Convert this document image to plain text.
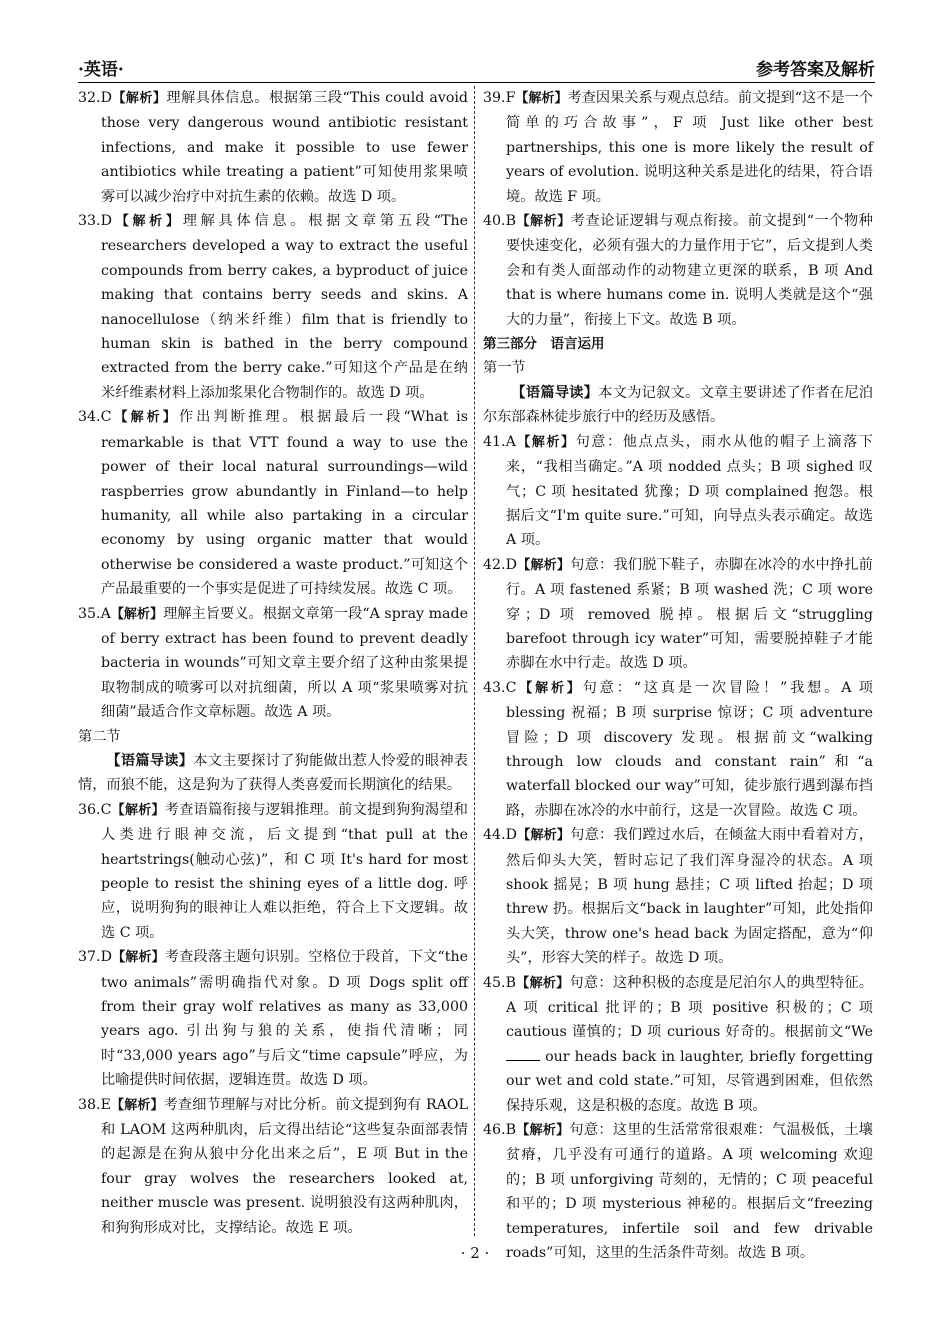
·英语·	参考答案及解析

32.D【解析】理解具体信息。根据第三段“This could avoid those very dangerous wound antibiotic resistant infections, and make it possible to use fewer antibiotics while treating a patient”可知使用浆果喷雾可以减少治疗中对抗生素的依赖。故选 D 项。

33.D【解析】理解具体信息。根据文章第五段“The researchers developed a way to extract the useful compounds from berry cakes, a byproduct of juice making that contains berry seeds and skins. A nanocellulose（纳米纤维）film that is friendly to human skin is bathed in the berry compound extracted from the berry cake.”可知这个产品是在纳米纤维素材料上添加浆果化合物制作的。故选 D 项。

34.C【解析】作出判断推理。根据最后一段“What is remarkable is that VTT found a way to use the power of their local natural surroundings—wild raspberries grow abundantly in Finland—to help humanity, all while also partaking in a circular economy by using organic matter that would otherwise be considered a waste product.”可知这个产品最重要的一个事实是促进了可持续发展。故选 C 项。

35.A【解析】理解主旨要义。根据文章第一段“A spray made of berry extract has been found to prevent deadly bacteria in wounds”可知文章主要介绍了这种由浆果提取物制成的喷雾可以对抗细菌，所以 A 项“浆果喷雾对抗细菌”最适合作文章标题。故选 A 项。

第二节

【语篇导读】本文主要探讨了狗能做出惹人怜爱的眼神表情，而狼不能，这是狗为了获得人类喜爱而长期演化的结果。

36.C【解析】考查语篇衔接与逻辑推理。前文提到狗狗渴望和人类进行眼神交流，后文提到“that pull at the heartstrings(触动心弦)”，和 C 项 It's hard for most people to resist the shining eyes of a little dog. 呼应，说明狗狗的眼神让人难以拒绝，符合上下文逻辑。故选 C 项。

37.D【解析】考查段落主题句识别。空格位于段首，下文“the two animals”需明确指代对象。D 项 Dogs split off from their gray wolf relatives as many as 33,000 years ago. 引出狗与狼的关系，使指代清晰；同时“33,000 years ago”与后文“time capsule”呼应，为比喻提供时间依据，逻辑连贯。故选 D 项。

38.E【解析】考查细节理解与对比分析。前文提到狗有 RAOL 和 LAOM 这两种肌肉，后文得出结论“这些复杂面部表情的起源是在狗从狼中分化出来之后”，E 项 But in the four gray wolves the researchers looked at, neither muscle was present. 说明狼没有这两种肌肉，和狗狗形成对比，支撑结论。故选 E 项。

39.F【解析】考查因果关系与观点总结。前文提到“这不是一个简单的巧合故事”，F 项 Just like other best partnerships, this one is more likely the result of years of evolution. 说明这种关系是进化的结果，符合语境。故选 F 项。

40.B【解析】考查论证逻辑与观点衔接。前文提到“一个物种要快速变化，必须有强大的力量作用于它”，后文提到人类会和有类人面部动作的动物建立更深的联系，B 项 And that is where humans come in. 说明人类就是这个“强大的力量”，衔接上下文。故选 B 项。

第三部分　语言运用

第一节

【语篇导读】本文为记叙文。文章主要讲述了作者在尼泊尔东部森林徒步旅行中的经历及感悟。

41.A【解析】句意：他点点头，雨水从他的帽子上滴落下来，“我相当确定。”A 项 nodded 点头；B 项 sighed 叹气；C 项 hesitated 犹豫；D 项 complained 抱怨。根据后文“I'm quite sure.”可知，向导点头表示确定。故选 A 项。

42.D【解析】句意：我们脱下鞋子，赤脚在冰冷的水中挣扎前行。A 项 fastened 系紧；B 项 washed 洗；C 项 wore 穿；D 项 removed 脱掉。根据后文“struggling barefoot through icy water”可知，需要脱掉鞋子才能赤脚在水中行走。故选 D 项。

43.C【解析】句意：“这真是一次冒险！”我想。A 项 blessing 祝福；B 项 surprise 惊讶；C 项 adventure 冒险；D 项 discovery 发现。根据前文“walking through low clouds and constant rain”和“a waterfall blocked our way”可知，徒步旅行遇到瀑布挡路，赤脚在冰冷的水中前行，这是一次冒险。故选 C 项。

44.D【解析】句意：我们蹚过水后，在倾盆大雨中看着对方，然后仰头大笑，暂时忘记了我们浑身湿冷的状态。A 项 shook 摇晃；B 项 hung 悬挂；C 项 lifted 抬起；D 项 threw 扔。根据后文“back in laughter”可知，此处指仰头大笑，throw one's head back 为固定搭配，意为“仰头”，形容大笑的样子。故选 D 项。

45.B【解析】句意：这种积极的态度是尼泊尔人的典型特征。A 项 critical 批评的；B 项 positive 积极的；C 项 cautious 谨慎的；D 项 curious 好奇的。根据前文“We  our heads back in laughter, briefly forgetting our wet and cold state.”可知，尽管遇到困难，但依然保持乐观，这是积极的态度。故选 B 项。

46.B【解析】句意：这里的生活常常很艰难：气温极低，土壤贫瘠，几乎没有可通行的道路。A 项 welcoming 欢迎的；B 项 unforgiving 苛刻的，无情的；C 项 peaceful 和平的；D 项 mysterious 神秘的。根据后文“freezing temperatures, infertile soil and few drivable roads”可知，这里的生活条件苛刻。故选 B 项。

· 2 ·
